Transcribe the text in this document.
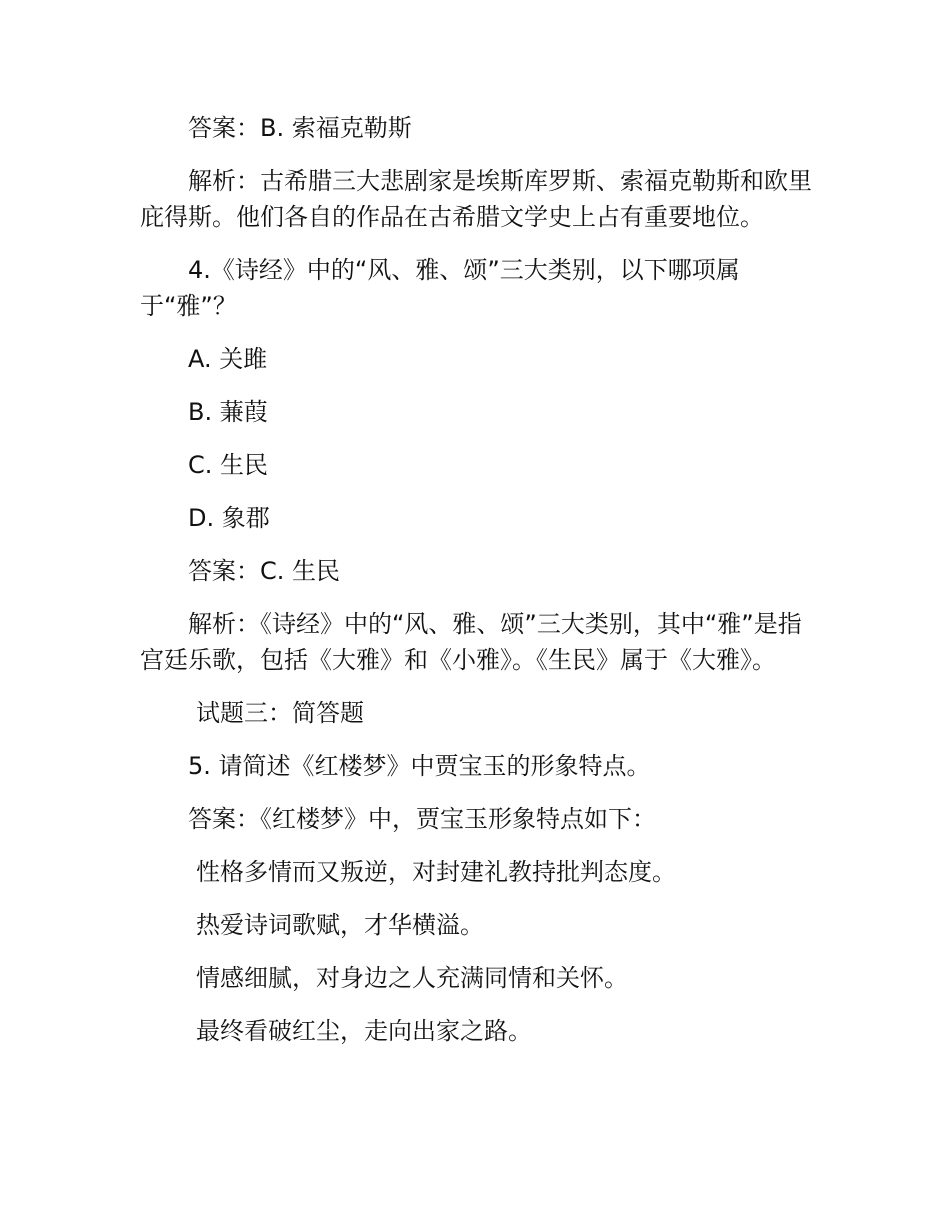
答案：B. 索福克勒斯

解析：古希腊三大悲剧家是埃斯库罗斯、索福克勒斯和欧里庇得斯。他们各自的作品在古希腊文学史上占有重要地位。

4.《诗经》中的“风、雅、颂”三大类别，以下哪项属于“雅”？

A. 关雎

B. 蒹葭

C. 生民

D. 象郡

答案：C. 生民

解析：《诗经》中的“风、雅、颂”三大类别，其中“雅”是指宫廷乐歌，包括《大雅》和《小雅》。《生民》属于《大雅》。

试题三：简答题

5. 请简述《红楼梦》中贾宝玉的形象特点。

答案：《红楼梦》中，贾宝玉形象特点如下：

性格多情而又叛逆，对封建礼教持批判态度。

热爱诗词歌赋，才华横溢。

情感细腻，对身边之人充满同情和关怀。

最终看破红尘，走向出家之路。
